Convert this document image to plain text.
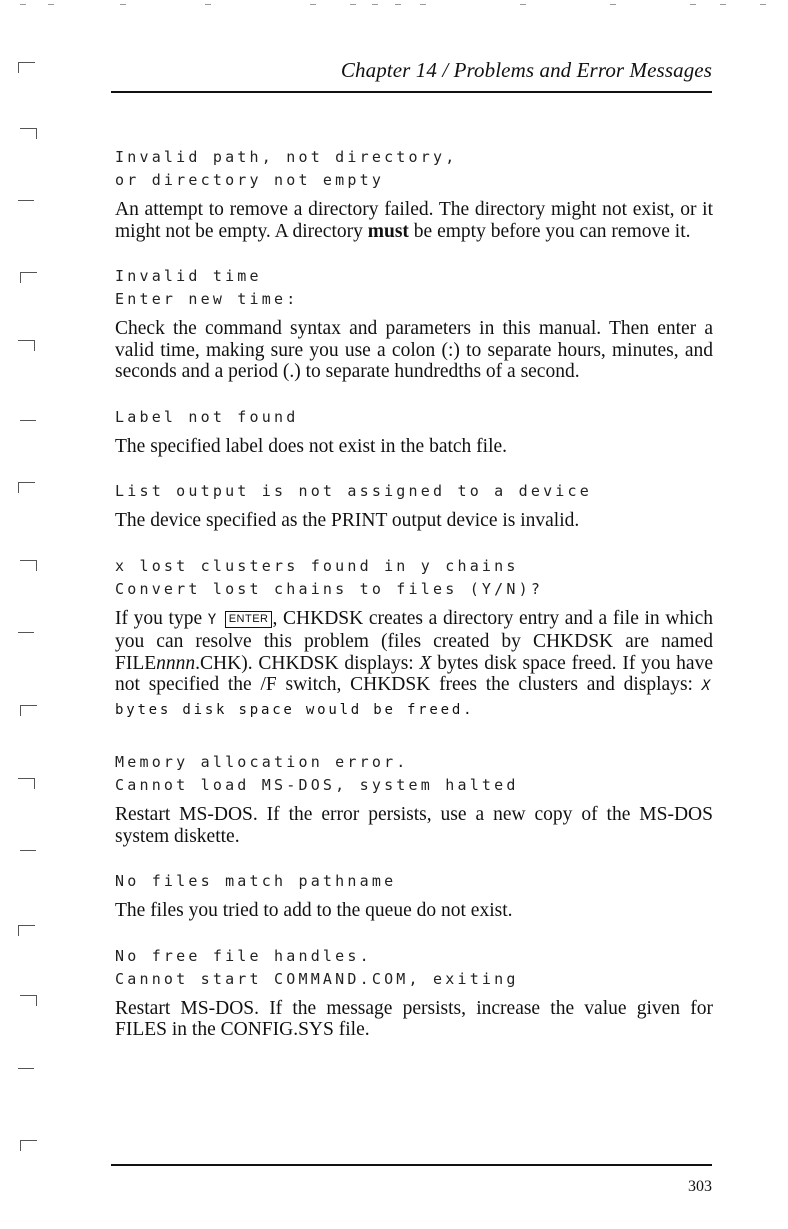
Chapter 14 / Problems and Error Messages
Invalid path, not directory,
or directory not empty
An attempt to remove a directory failed. The directory might not exist, or it might not be empty. A directory must be empty before you can remove it.
Invalid time
Enter new time:
Check the command syntax and parameters in this manual. Then enter a valid time, making sure you use a colon (:) to separate hours, minutes, and seconds and a period (.) to separate hundredths of a second.
Label not found
The specified label does not exist in the batch file.
List output is not assigned to a device
The device specified as the PRINT output device is invalid.
x lost clusters found in y chains
Convert lost chains to files (Y/N)?
If you type Y ENTER , CHKDSK creates a directory entry and a file in which you can resolve this problem (files created by CHKDSK are named FILEnnnn.CHK). CHKDSK displays: X bytes disk space freed. If you have not specified the /F switch, CHKDSK frees the clusters and displays: X bytes disk space would be freed.
Memory allocation error.
Cannot load MS-DOS, system halted
Restart MS-DOS. If the error persists, use a new copy of the MS-DOS system diskette.
No files match pathname
The files you tried to add to the queue do not exist.
No free file handles.
Cannot start COMMAND.COM, exiting
Restart MS-DOS. If the message persists, increase the value given for FILES in the CONFIG.SYS file.
303
